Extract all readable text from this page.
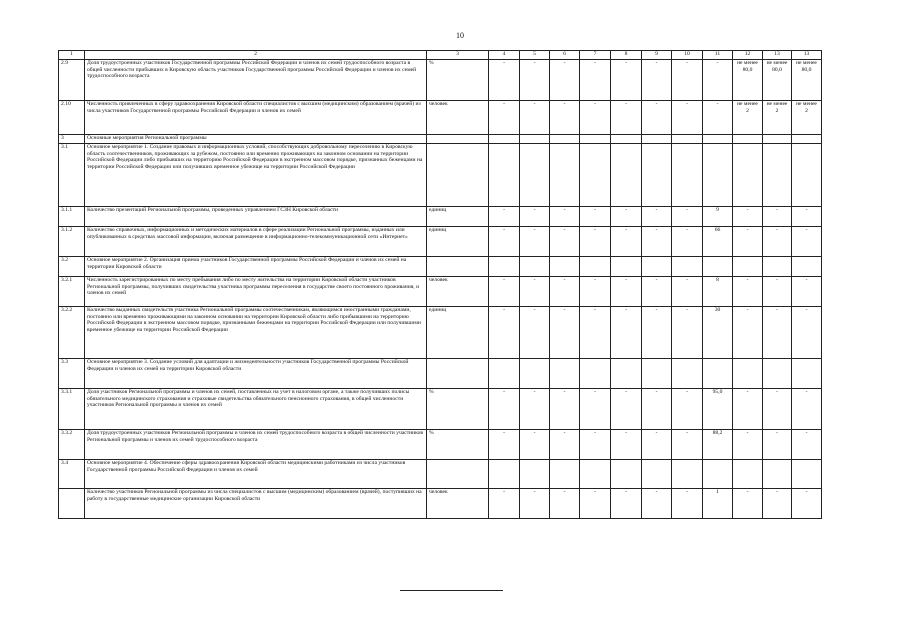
10
1	2	3	4	5	6	7	8	9	10	11	12	13	13
2.9	Доля трудоустроенных участников Государственной программы Российской Федерации и членов их семей трудоспособного возраста в общей численности прибывших в Кировскую область участников Государственной программы Российской Федерации и членов их семей трудоспособного возраста	%	-	-	-	-	-	-	-	-	не менее 80,0	не менее 80,0	не менее 80,0
2.10	Численность привлеченных в сферу здравоохранения Кировской области специалистов с высшим (медицинским) образованием (врачей) из числа участников Государственной программы Российской Федерации и членов их семей	человек	-	-	-	-	-	-	-	-	не менее 2	не менее 2	не менее 2
3	Основные мероприятия Региональной программы												
3.1	Основное мероприятие 1. Создание правовых и информационных условий, способствующих добровольному переселению в Кировскую область соотечественников, проживающих за рубежом, постоянно или временно проживающих на законном основании на территории Российской Федерации либо прибывших на территорию Российской Федерации в экстренном массовом порядке, признанных беженцами на территории Российской Федерации или получивших временное убежище на территории Российской Федерации												
3.1.1	Количество презентаций Региональной программы, проведенных управлением ГСЗН Кировской области	единиц	-	-	-	-	-	-	-	9	-	-	-
3.1.2	Количество справочных, информационных и методических материалов в сфере реализации Региональной программы, изданных или опубликованных в средствах массовой информации, включая размещение в информационно-телекоммуникационной сети «Интернет»	единиц	-	-	-	-	-	-	-	66	-	-	-
3.2	Основное мероприятие 2. Организация приема участников Государственной программы Российской Федерации и членов их семей на территории Кировской области												
3.2.1	Численность зарегистрированных по месту пребывания либо по месту жительства на территории Кировской области участников Региональной программы, получивших свидетельства участника программы переселения в государстве своего постоянного проживания, и членов их семей	человек	-	-	-	-	-	-	-	8	-	-	-
3.2.2	Количество выданных свидетельств участника Региональной программы соотечественникам, являющимся иностранными гражданами, постоянно или временно проживающими на законном основании на территории Кировской области либо прибывшими на территорию Российской Федерации в экстренном массовом порядке, признанными беженцами на территории Российской Федерации или получившими временное убежище на территории Российской Федерации	единиц	-	-	-	-	-	-	-	30	-	-	-
3.3	Основное мероприятие 3. Создание условий для адаптации и жизнедеятельности участников Государственной программы Российской Федерации и членов их семей на территории Кировской области												
3.3.1	Доля участников Региональной программы и членов их семей, поставленных на учет в налоговом органе, а также получивших полисы обязательного медицинского страхования и страховые свидетельства обязательного пенсионного страхования, в общей численности участников Региональной программы и членов их семей	%	-	-	-	-	-	-	-	95,0	-	-	-
3.3.2	Доля трудоустроенных участников Региональной программы и членов их семей трудоспособного возраста в общей численности участников Региональной программы и членов их семей трудоспособного возраста	%	-	-	-	-	-	-	-	88,2	-	-	-
3.4	Основное мероприятие 4. Обеспечение сферы здравоохранения Кировской области медицинскими работниками из числа участников Государственной программы Российской Федерации и членов их семей												
	Количество участников Региональной программы из числа специалистов с высшим (медицинским) образованием (врачей), поступивших на работу в государственные медицинские организации Кировской области	человек	-	-	-	-	-	-	-	1	-	-	-
